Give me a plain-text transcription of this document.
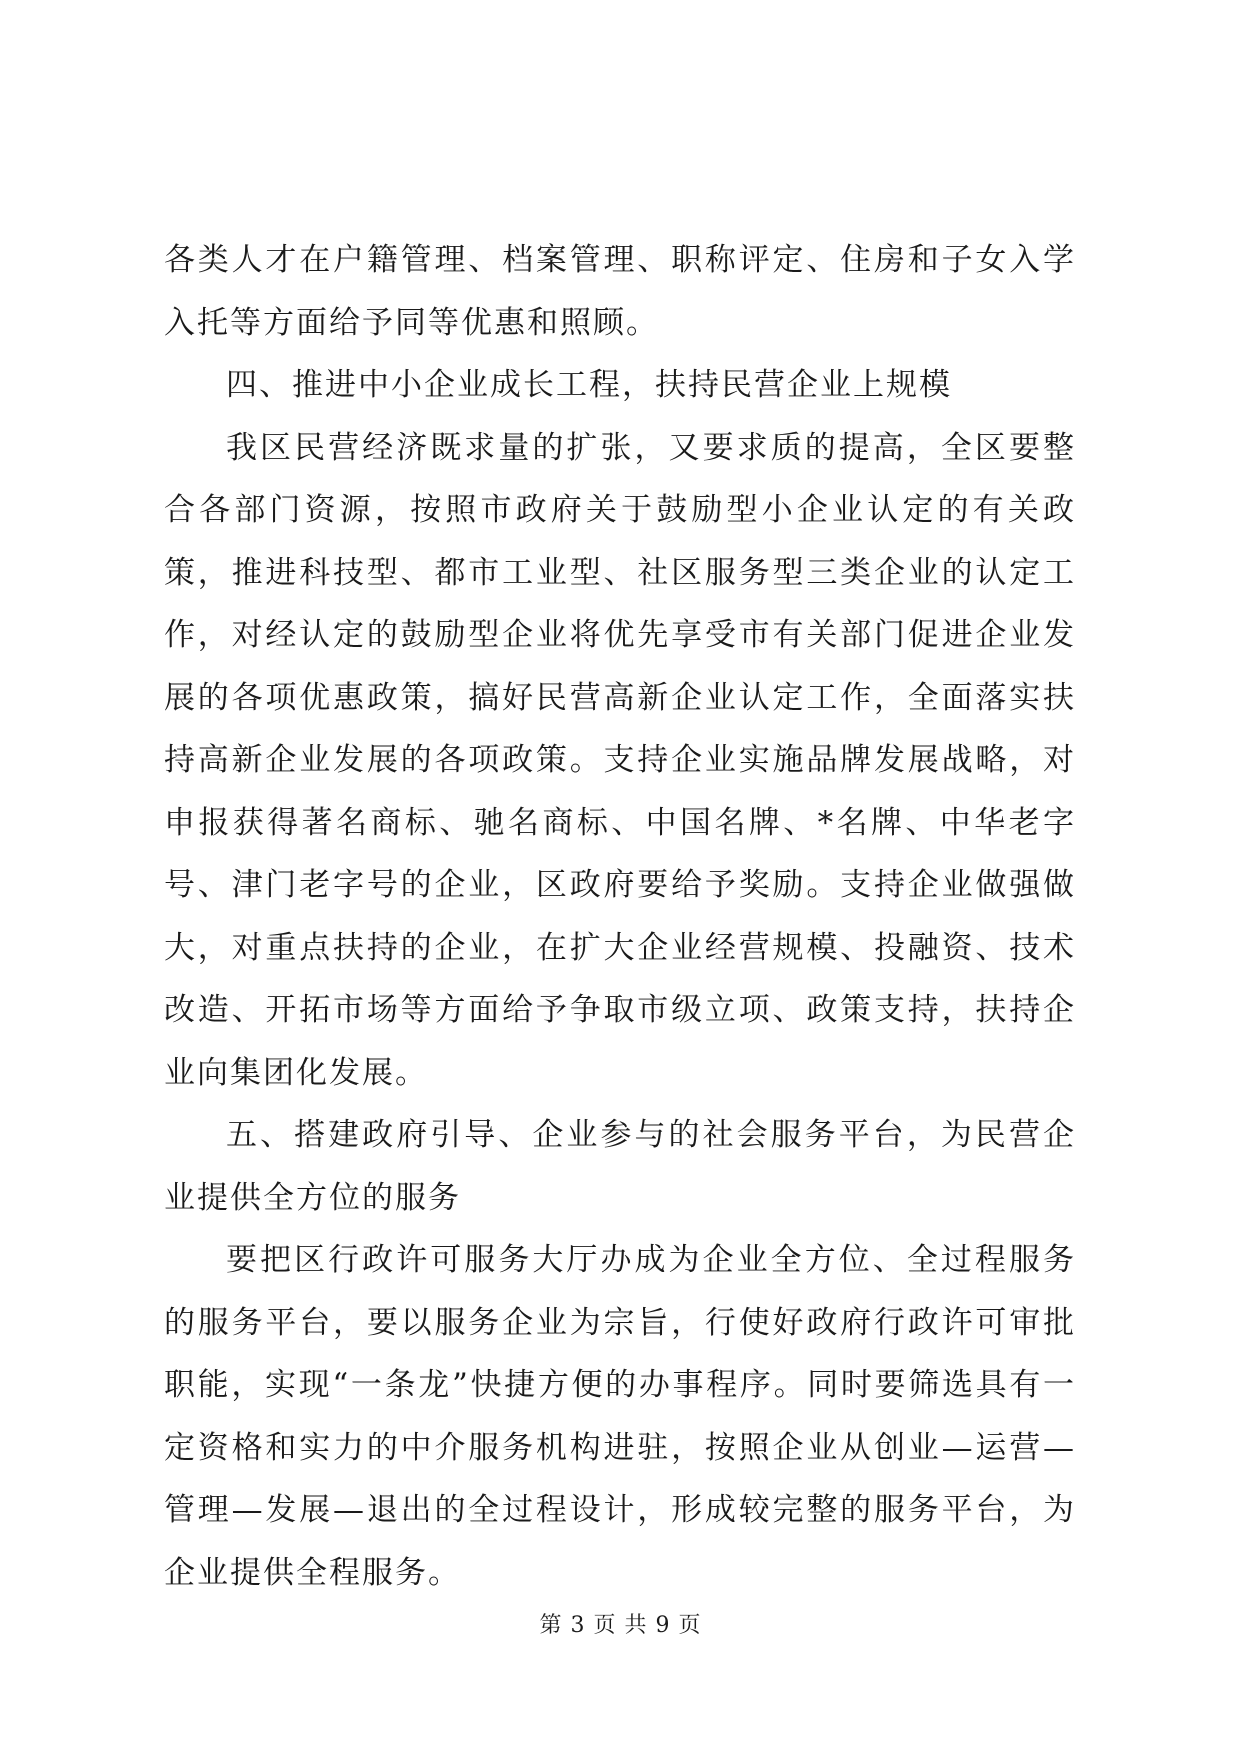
各类人才在户籍管理、档案管理、职称评定、住房和子女入学入托等方面给予同等优惠和照顾。

四、推进中小企业成长工程，扶持民营企业上规模

我区民营经济既求量的扩张，又要求质的提高，全区要整合各部门资源，按照市政府关于鼓励型小企业认定的有关政策，推进科技型、都市工业型、社区服务型三类企业的认定工作，对经认定的鼓励型企业将优先享受市有关部门促进企业发展的各项优惠政策，搞好民营高新企业认定工作，全面落实扶持高新企业发展的各项政策。支持企业实施品牌发展战略，对申报获得著名商标、驰名商标、中国名牌、*名牌、中华老字号、津门老字号的企业，区政府要给予奖励。支持企业做强做大，对重点扶持的企业，在扩大企业经营规模、投融资、技术改造、开拓市场等方面给予争取市级立项、政策支持，扶持企业向集团化发展。

五、搭建政府引导、企业参与的社会服务平台，为民营企业提供全方位的服务

要把区行政许可服务大厅办成为企业全方位、全过程服务的服务平台，要以服务企业为宗旨，行使好政府行政许可审批职能，实现“一条龙”快捷方便的办事程序。同时要筛选具有一定资格和实力的中介服务机构进驻，按照企业从创业—运营—管理—发展—退出的全过程设计，形成较完整的服务平台，为企业提供全程服务。

第 3 页 共 9 页
